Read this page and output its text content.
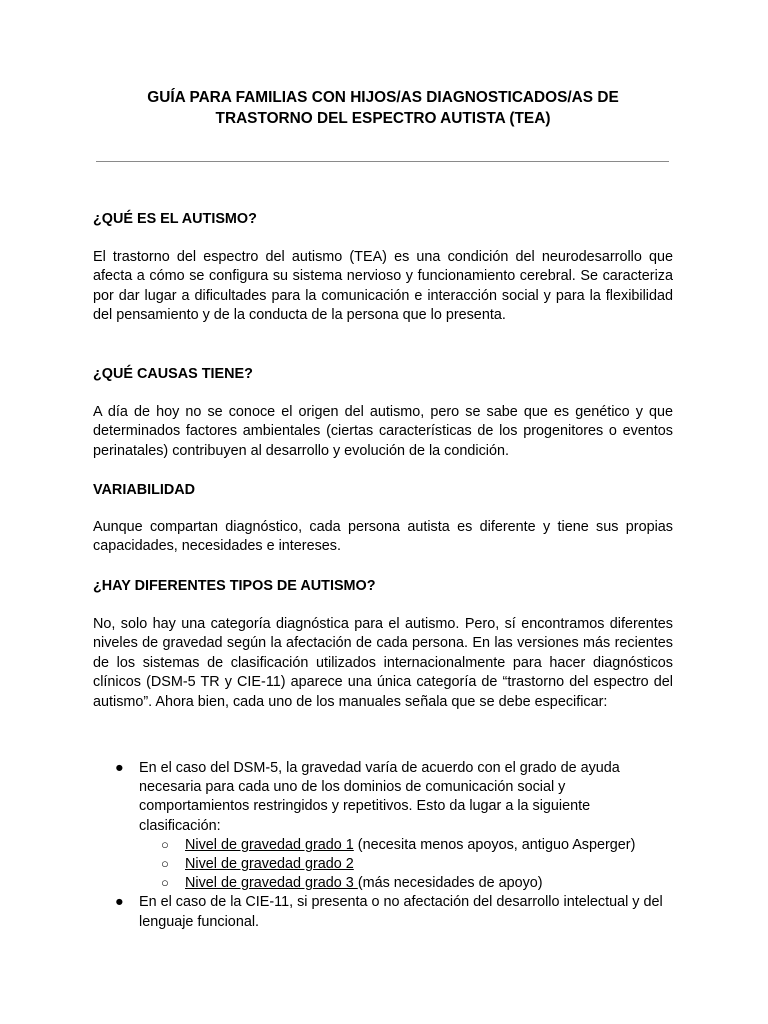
GUÍA PARA FAMILIAS CON HIJOS/AS DIAGNOSTICADOS/AS DE
TRASTORNO DEL ESPECTRO AUTISTA (TEA)
¿QUÉ ES EL AUTISMO?

El trastorno del espectro del autismo (TEA) es una condición del neurodesarrollo que afecta a cómo se configura su sistema nervioso y funcionamiento cerebral. Se caracteriza por dar lugar a dificultades para la comunicación e interacción social y para la flexibilidad del pensamiento y de la conducta de la persona que lo presenta.

¿QUÉ CAUSAS TIENE?

A día de hoy no se conoce el origen del autismo, pero se sabe que es genético y que determinados factores ambientales (ciertas características de los progenitores o eventos perinatales) contribuyen al desarrollo y evolución de la condición.

VARIABILIDAD

Aunque compartan diagnóstico, cada persona autista es diferente y tiene sus propias capacidades, necesidades e intereses.

¿HAY DIFERENTES TIPOS DE AUTISMO?

No, solo hay una categoría diagnóstica para el autismo. Pero, sí encontramos diferentes niveles de gravedad según la afectación de cada persona. En las versiones más recientes de los sistemas de clasificación utilizados internacionalmente para hacer diagnósticos clínicos (DSM-5 TR y CIE-11) aparece una única categoría de “trastorno del espectro del autismo”. Ahora bien, cada uno de los manuales señala que se debe especificar:

● En el caso del DSM-5, la gravedad varía de acuerdo con el grado de ayuda necesaria para cada uno de los dominios de comunicación social y comportamientos restringidos y repetitivos. Esto da lugar a la siguiente clasificación:
○ Nivel de gravedad grado 1 (necesita menos apoyos, antiguo Asperger)
○ Nivel de gravedad grado 2
○ Nivel de gravedad grado 3 (más necesidades de apoyo)
● En el caso de la CIE-11, si presenta o no afectación del desarrollo intelectual y del lenguaje funcional.
